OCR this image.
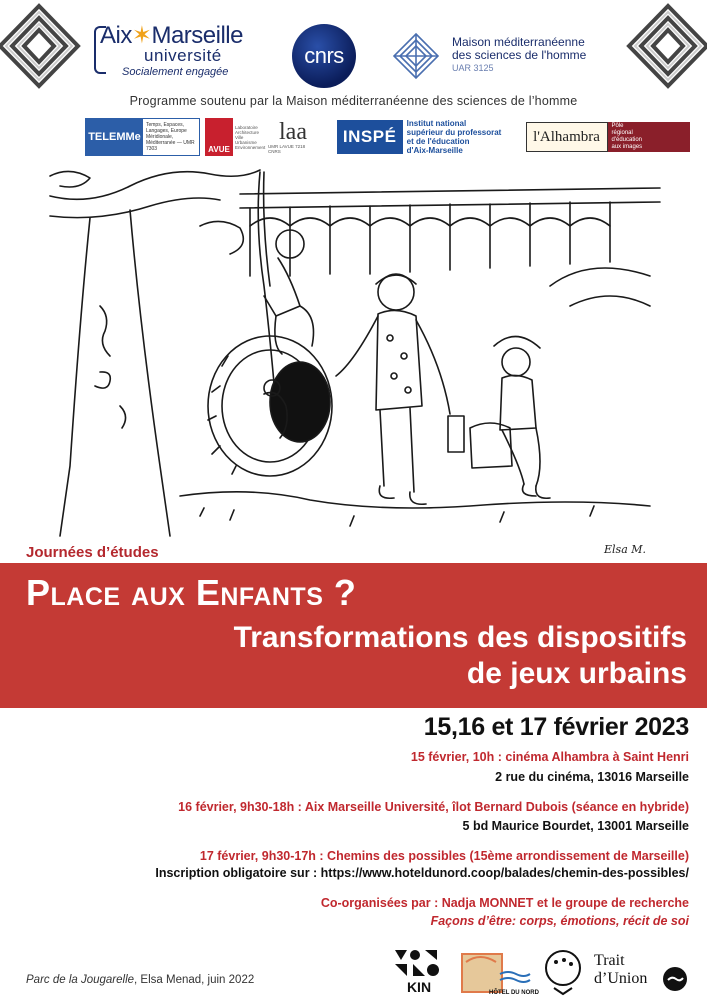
Aix✶Marseille
université
Socialement engagée
cnrs
Maison méditerranéenne
des sciences de l'homme
UAR 3125
Programme soutenu par la Maison méditerranéenne des sciences de l’homme
TELEMMe
Temps, Espaces, Langages, Europe Méridionale, Méditerranée — UMR 7303	AVUE
Laboratoire Architecture Ville Urbanisme Environnement
laa
UMR LAVUE 7218 CNRS
INSPÉ
Institut national
supérieur du professorat
et de l'éducation
d'Aix-Marseille
l'Alhambra
Pôle
régional
d'éducation
aux images
Elsa M.
Journées d’études
Place aux Enfants ?
Transformations des dispositifs
de jeux urbains
15,16 et 17 février 2023
15 février, 10h : cinéma Alhambra à Saint Henri
2 rue du cinéma, 13016 Marseille
16 février, 9h30-18h : Aix Marseille Université, îlot Bernard Dubois (séance en hybride)
5 bd Maurice Bourdet, 13001 Marseille
17 février, 9h30-17h : Chemins des possibles (15ème arrondissement de Marseille)
Inscription obligatoire sur : https://www.hoteldunord.coop/balades/chemin-des-possibles/
Co-organisées par : Nadja MONNET et le groupe de recherche
Façons d’être: corps, émotions, récit de soi
Parc de la Jougarelle, Elsa Menad, juin 2022	KIN	HÔTEL DU NORD
Trait
d’Union
